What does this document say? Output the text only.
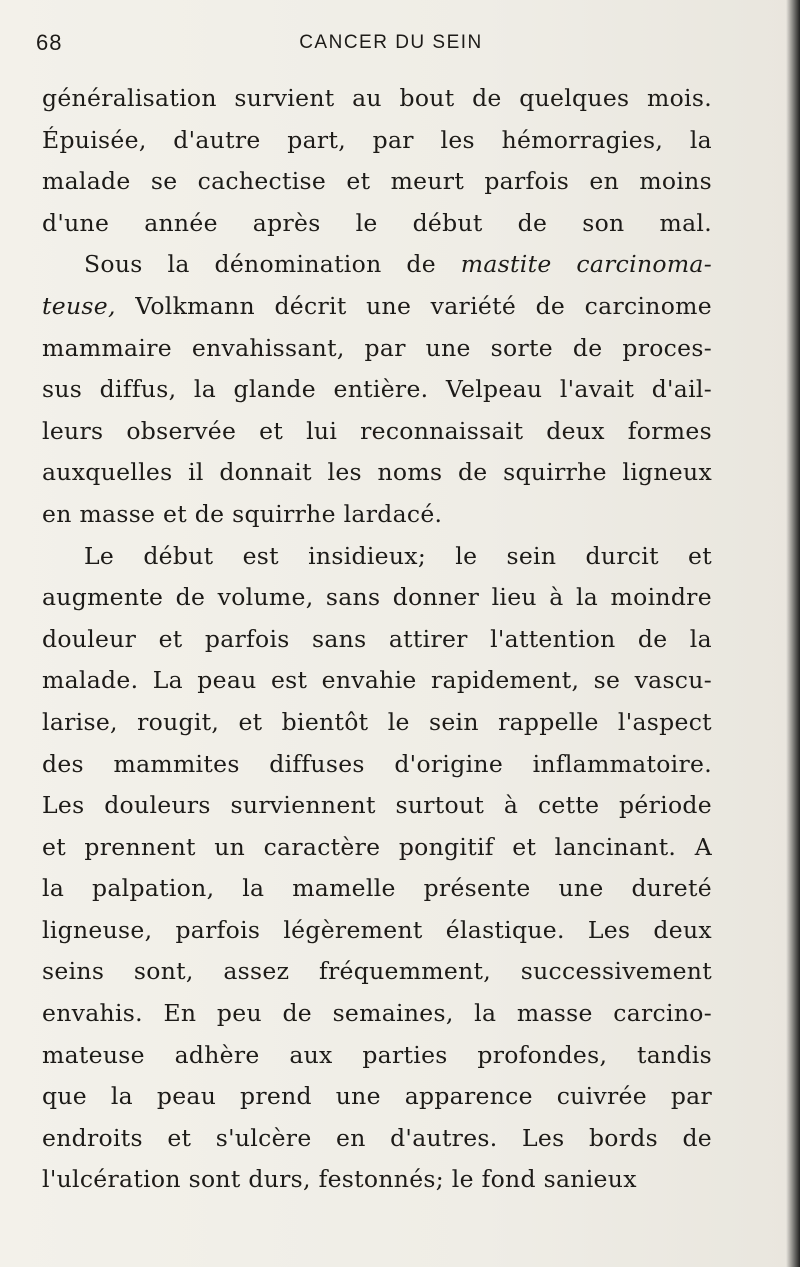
68	CANCER DU SEIN
généralisation survient au bout de quelques mois.
Épuisée, d'autre part, par les hémorragies, la
malade se cachectise et meurt parfois en moins
d'une année après le début de son mal.
Sous la dénomination de mastite carcinoma-
teuse, Volkmann décrit une variété de carcinome
mammaire envahissant, par une sorte de proces-
sus diffus, la glande entière. Velpeau l'avait d'ail-
leurs observée et lui reconnaissait deux formes
auxquelles il donnait les noms de squirrhe ligneux
en
masse
et
de
squirrhe
lardacé.
Le début est insidieux; le sein durcit et
augmente de volume, sans donner lieu à la moindre
douleur et parfois sans attirer l'attention de la
malade. La peau est envahie rapidement, se vascu-
larise, rougit, et bientôt le sein rappelle l'aspect
des mammites diffuses d'origine inflammatoire.
Les douleurs surviennent surtout à cette période
et prennent un caractère pongitif et lancinant. A
la palpation, la mamelle présente une dureté
ligneuse, parfois légèrement élastique. Les deux
seins sont, assez fréquemment, successivement
envahis. En peu de semaines, la masse carcino-
mateuse adhère aux parties profondes, tandis
que la peau prend une apparence cuivrée par
endroits et s'ulcère en d'autres. Les bords de
l'ulcération
sont
durs,
festonnés;
le
fond
sanieux
